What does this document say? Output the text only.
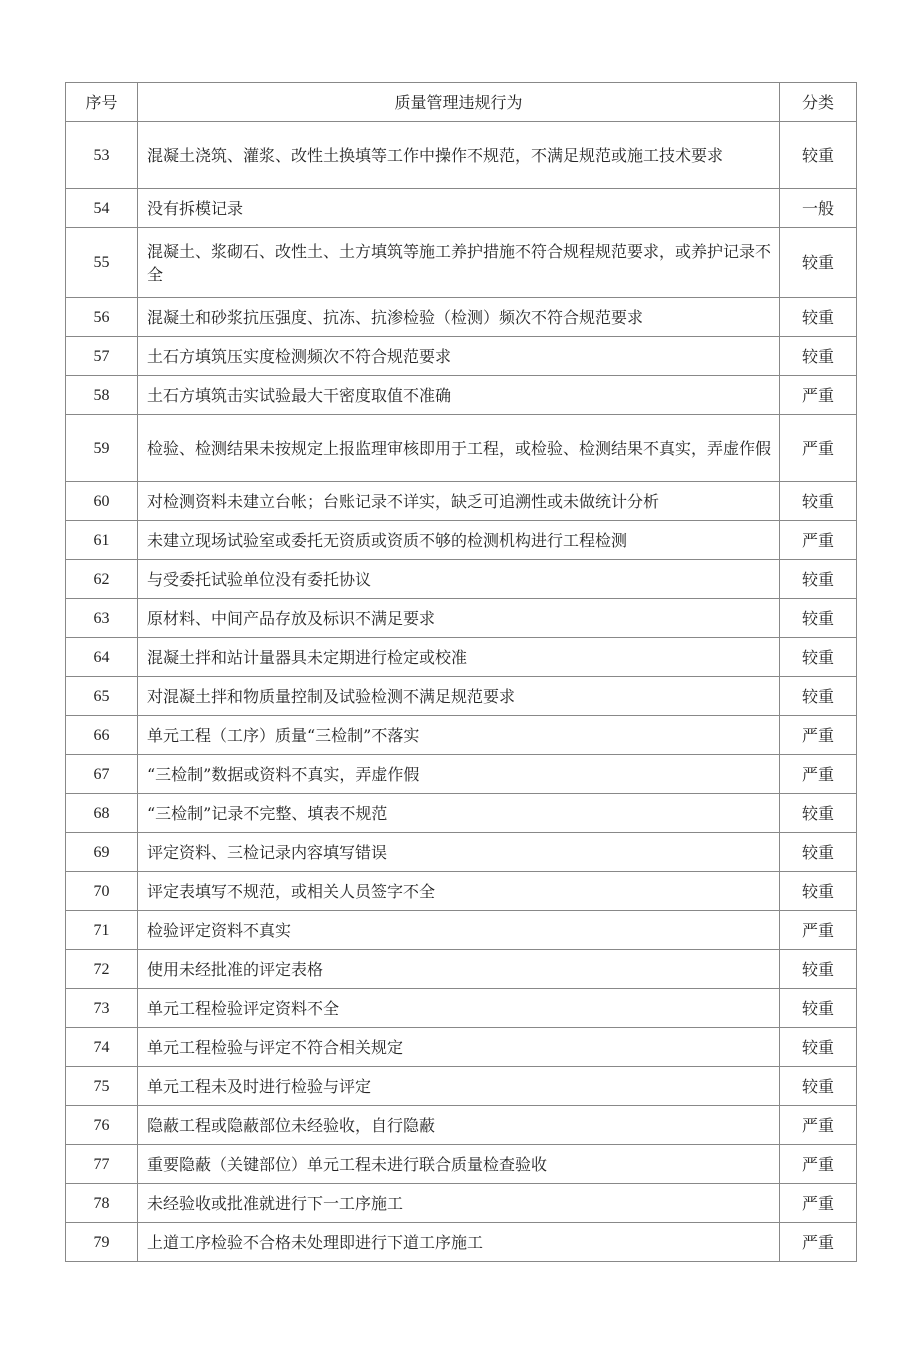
序号	质量管理违规行为	分类
53	混凝土浇筑、灌浆、改性土换填等工作中操作不规范，不满足规范或施工技术要求	较重
54	没有拆模记录	一般
55	混凝土、浆砌石、改性土、土方填筑等施工养护措施不符合规程规范要求，或养护记录不全	较重
56	混凝土和砂浆抗压强度、抗冻、抗渗检验（检测）频次不符合规范要求	较重
57	土石方填筑压实度检测频次不符合规范要求	较重
58	土石方填筑击实试验最大干密度取值不准确	严重
59	检验、检测结果未按规定上报监理审核即用于工程，或检验、检测结果不真实，弄虚作假	严重
60	对检测资料未建立台帐；台账记录不详实，缺乏可追溯性或未做统计分析	较重
61	未建立现场试验室或委托无资质或资质不够的检测机构进行工程检测	严重
62	与受委托试验单位没有委托协议	较重
63	原材料、中间产品存放及标识不满足要求	较重
64	混凝土拌和站计量器具未定期进行检定或校准	较重
65	对混凝土拌和物质量控制及试验检测不满足规范要求	较重
66	单元工程（工序）质量“三检制”不落实	严重
67	“三检制”数据或资料不真实，弄虚作假	严重
68	“三检制”记录不完整、填表不规范	较重
69	评定资料、三检记录内容填写错误	较重
70	评定表填写不规范，或相关人员签字不全	较重
71	检验评定资料不真实	严重
72	使用未经批准的评定表格	较重
73	单元工程检验评定资料不全	较重
74	单元工程检验与评定不符合相关规定	较重
75	单元工程未及时进行检验与评定	较重
76	隐蔽工程或隐蔽部位未经验收，自行隐蔽	严重
77	重要隐蔽（关键部位）单元工程未进行联合质量检查验收	严重
78	未经验收或批准就进行下一工序施工	严重
79	上道工序检验不合格未处理即进行下道工序施工	严重
